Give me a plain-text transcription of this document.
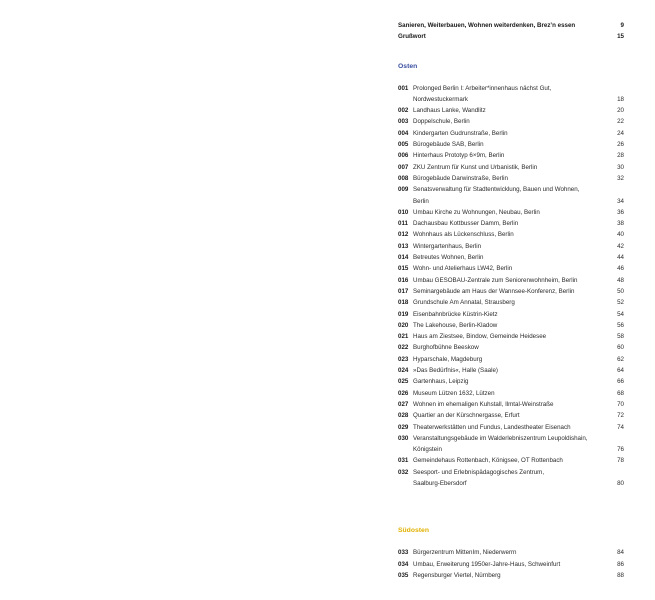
Sanieren, Weiterbauen, Wohnen weiterdenken, Brez’n essen	9
Grußwort	15
Osten
001 Prolonged Berlin I: Arbeiter*innenhaus nächst Gut,
Nordwestuckermark	18
002 Landhaus Lanke, Wandlitz	20
003 Doppelschule, Berlin	22
004 Kindergarten Gudrunstraße, Berlin	24
005 Bürogebäude SAB, Berlin	26
006 Hinterhaus Prototyp 6×9m, Berlin	28
007 ZKU Zentrum für Kunst und Urbanistik, Berlin	30
008 Bürogebäude Darwinstraße, Berlin	32
009 Senatsverwaltung für Stadtentwicklung, Bauen und Wohnen,
Berlin	34
010 Umbau Kirche zu Wohnungen, Neubau, Berlin	36
011 Dachausbau Kottbusser Damm, Berlin	38
012 Wohnhaus als Lückenschluss, Berlin	40
013 Wintergartenhaus, Berlin	42
014 Betreutes Wohnen, Berlin	44
015 Wohn- und Atelierhaus LW42, Berlin	46
016 Umbau GESOBAU-Zentrale zum Seniorenwohnheim, Berlin	48
017 Seminargebäude am Haus der Wannsee-Konferenz, Berlin	50
018 Grundschule Am Annatal, Strausberg	52
019 Eisenbahnbrücke Küstrin-Kietz	54
020 The Lakehouse, Berlin-Kladow	56
021 Haus am Ziestsee, Bindow, Gemeinde Heidesee	58
022 Burghofbühne Beeskow	60
023 Hyparschale, Magdeburg	62
024 »Das Bedürfnis«, Halle (Saale)	64
025 Gartenhaus, Leipzig	66
026 Museum Lützen 1632, Lützen	68
027 Wohnen im ehemaligen Kuhstall, Ilmtal-Weinstraße	70
028 Quartier an der Kürschnergasse, Erfurt	72
029 Theaterwerkstätten und Fundus, Landestheater Eisenach	74
030 Veranstaltungsgebäude im Walderlebniszentrum Leupoldishain,
Königstein	76
031 Gemeindehaus Rottenbach, Königsee, OT Rottenbach	78
032 Seesport- und Erlebnispädagogisches Zentrum,
Saalburg-Ebersdorf	80
Südosten
033 Bürgerzentrum MittenIm, Niederwerrn	84
034 Umbau, Erweiterung 1950er-Jahre-Haus, Schweinfurt	86
035 Regensburger Viertel, Nürnberg	88
